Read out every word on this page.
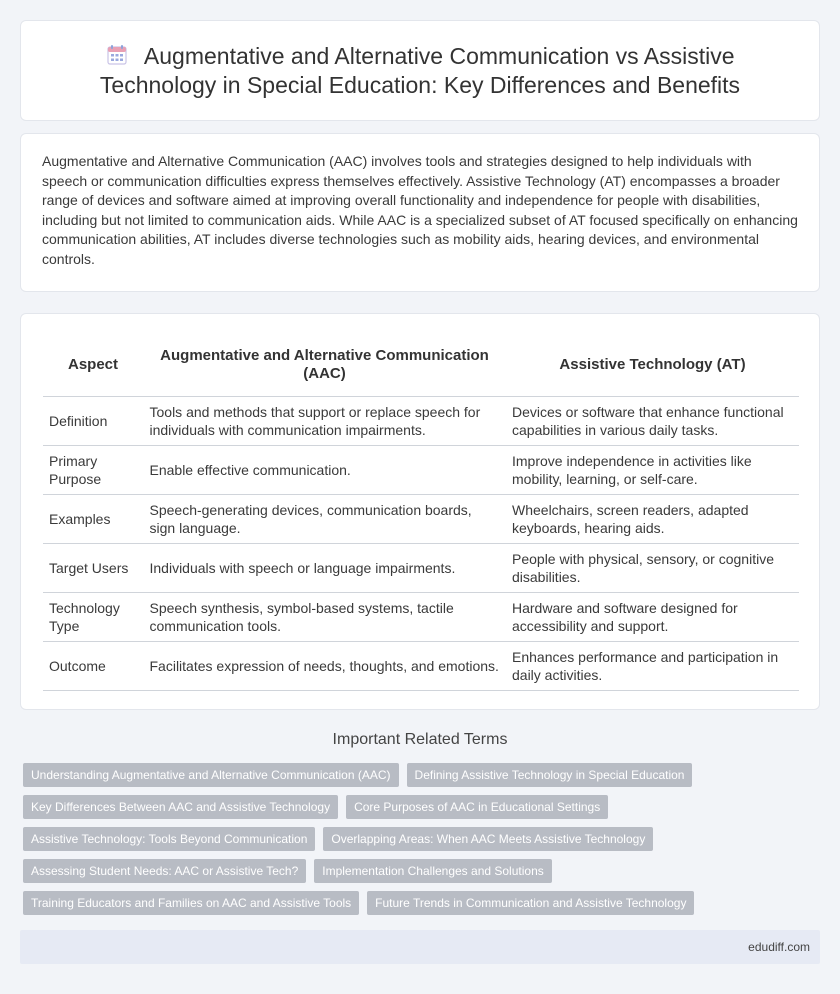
Augmentative and Alternative Communication vs Assistive Technology in Special Education: Key Differences and Benefits

Augmentative and Alternative Communication (AAC) involves tools and strategies designed to help individuals with speech or communication difficulties express themselves effectively. Assistive Technology (AT) encompasses a broader range of devices and software aimed at improving overall functionality and independence for people with disabilities, including but not limited to communication aids. While AAC is a specialized subset of AT focused specifically on enhancing communication abilities, AT includes diverse technologies such as mobility aids, hearing devices, and environmental controls.

Aspect	Augmentative and Alternative Communication (AAC)	Assistive Technology (AT)
Definition	Tools and methods that support or replace speech for individuals with communication impairments.	Devices or software that enhance functional capabilities in various daily tasks.
Primary Purpose	Enable effective communication.	Improve independence in activities like mobility, learning, or self-care.
Examples	Speech-generating devices, communication boards, sign language.	Wheelchairs, screen readers, adapted keyboards, hearing aids.
Target Users	Individuals with speech or language impairments.	People with physical, sensory, or cognitive disabilities.
Technology Type	Speech synthesis, symbol-based systems, tactile communication tools.	Hardware and software designed for accessibility and support.
Outcome	Facilitates expression of needs, thoughts, and emotions.	Enhances performance and participation in daily activities.
Important Related Terms
Understanding Augmentative and Alternative Communication (AAC)	Defining Assistive Technology in Special Education
Key Differences Between AAC and Assistive Technology	Core Purposes of AAC in Educational Settings
Assistive Technology: Tools Beyond Communication	Overlapping Areas: When AAC Meets Assistive Technology
Assessing Student Needs: AAC or Assistive Tech?	Implementation Challenges and Solutions
Training Educators and Families on AAC and Assistive Tools	Future Trends in Communication and Assistive Technology
edudiff.com
